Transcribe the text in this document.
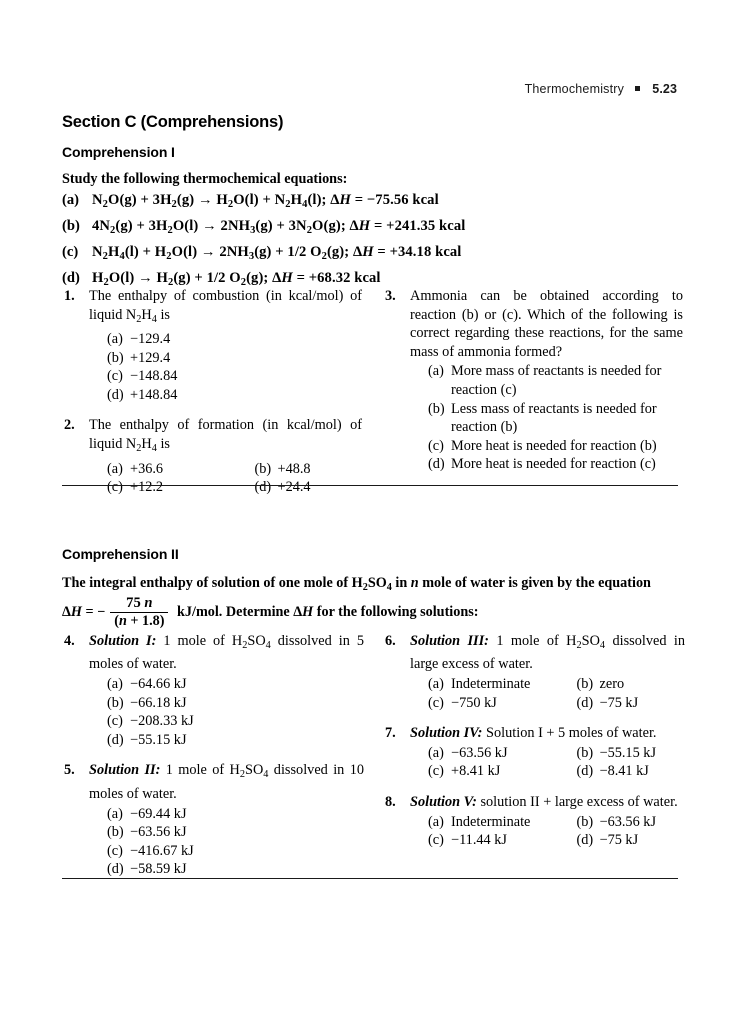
Thermochemistry 5.23
Section C (Comprehensions)
Comprehension I
Study the following thermochemical equations:
(a) $N_2O(g) + 3H_2(g) \to H_2O(l) + N_2H_4(l)$; ΔH = −75.56 kcal
(b) $4N_2(g) + 3H_2O(l) \to 2NH_3(g) + 3N_2O(g)$; ΔH = +241.35 kcal
(c) $N_2H_4(l) + H_2O(l) \to 2NH_3(g) + 1/2$ $O_2(g)$; ΔH = +34.18 kcal
(d) $H_2O(l) \to H_2(g) + 1/2$ $O_2(g)$; ΔH = +68.32 kcal
1. The enthalpy of combustion (in kcal/mol) of liquid $N_2H_4$ is
(a) −129.4
(b) +129.4
(c) −148.84
(d) +148.84
2. The enthalpy of formation (in kcal/mol) of liquid $N_2H_4$ is
(a) +36.6	(b) +48.8
(c) +12.2	(d) +24.4
3. Ammonia can be obtained according to reaction (b) or (c). Which of the following is correct regarding these reactions, for the same mass of ammonia formed?
(a) More mass of reactants is needed for reaction (c)
(b) Less mass of reactants is needed for reaction (b)
(c) More heat is needed for reaction (b)
(d) More heat is needed for reaction (c)
Comprehension II
The integral enthalpy of solution of one mole of $H_2SO_4$ in n mole of water is given by the equation
ΔH = − $\frac{75 n}{(n + 1.8)} kJ/mol$. Determine ΔH for the following solutions:
4. Solution I: 1 mole of $H_2SO_4$ dissolved in 5 moles of water.
(a) −64.66 kJ
(b) −66.18 kJ
(c) −208.33 kJ
(d) −55.15 kJ
5. Solution II: 1 mole of $H_2SO_4$ dissolved in 10 moles of water.
(a) −69.44 kJ
(b) −63.56 kJ
(c) −416.67 kJ
(d) −58.59 kJ
6. Solution III: 1 mole of $H_2SO_4$ dissolved in large excess of water.
(a) Indeterminate	(b) zero
(c) −750 kJ	(d) −75 kJ
7. Solution IV: Solution I + 5 moles of water.
(a) −63.56 kJ	(b) −55.15 kJ
(c) +8.41 kJ	(d) −8.41 kJ
8. Solution V: solution II + large excess of water.
(a) Indeterminate	(b) −63.56 kJ
(c) −11.44 kJ	(d) −75 kJ
